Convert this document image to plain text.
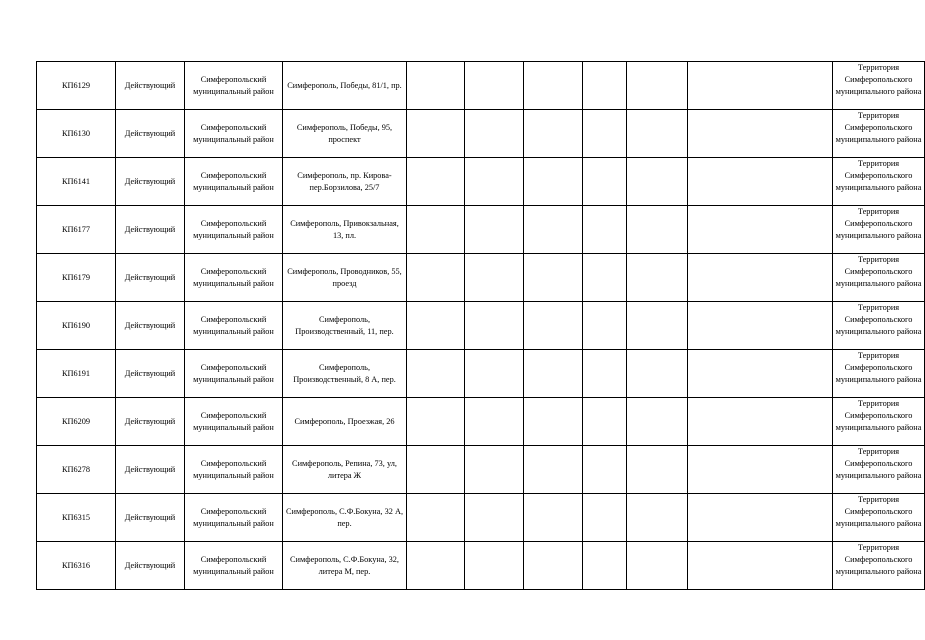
КП6129	Действующий	Симферопольский муниципальный район	Симферополь, Победы, 81/1, пр.							Территория Симферопольского муниципального района
КП6130	Действующий	Симферопольский муниципальный район	Симферополь, Победы, 95, проспект							Территория Симферопольского муниципального района
КП6141	Действующий	Симферопольский муниципальный район	Симферополь, пр. Кирова-пер.Борзилова, 25/7							Территория Симферопольского муниципального района
КП6177	Действующий	Симферопольский муниципальный район	Симферополь, Привокзальная, 13, пл.							Территория Симферопольского муниципального района
КП6179	Действующий	Симферопольский муниципальный район	Симферополь, Проводников, 55, проезд							Территория Симферопольского муниципального района
КП6190	Действующий	Симферопольский муниципальный район	Симферополь, Производственный, 11, пер.							Территория Симферопольского муниципального района
КП6191	Действующий	Симферопольский муниципальный район	Симферополь, Производственный, 8 А, пер.							Территория Симферопольского муниципального района
КП6209	Действующий	Симферопольский муниципальный район	Симферополь, Проезжая, 26							Территория Симферопольского муниципального района
КП6278	Действующий	Симферопольский муниципальный район	Симферополь, Репина, 73, ул, литера Ж							Территория Симферопольского муниципального района
КП6315	Действующий	Симферопольский муниципальный район	Симферополь, С.Ф.Бокуна, 32 А, пер.							Территория Симферопольского муниципального района
КП6316	Действующий	Симферопольский муниципальный район	Симферополь, С.Ф.Бокуна, 32, литера М, пер.							Территория Симферопольского муниципального района
